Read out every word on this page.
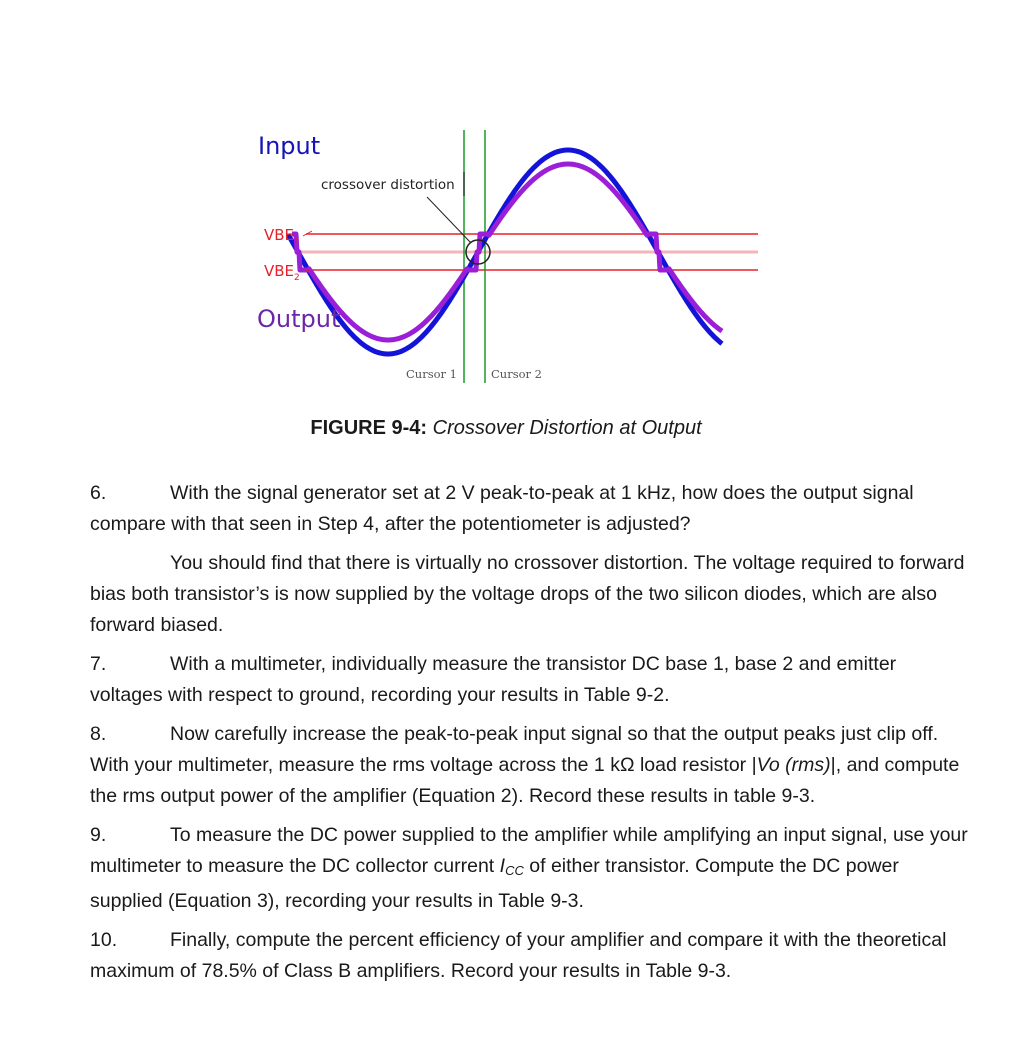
Input
Output
crossover distortion
$VBE_1$
$VBE_2$
Cursor 1	Cursor 2
FIGURE 9-4: Crossover Distortion at Output

6.	With the signal generator set at 2 V peak-to-peak at 1 kHz, how does the output signal compare with that seen in Step 4, after the potentiometer is adjusted?

You should find that there is virtually no crossover distortion. The voltage required to forward bias both transistor’s is now supplied by the voltage drops of the two silicon diodes, which are also forward biased.

7.	With a multimeter, individually measure the transistor DC base 1, base 2 and emitter voltages with respect to ground, recording your results in Table 9-2.

8.	Now carefully increase the peak-to-peak input signal so that the output peaks just clip off. With your multimeter, measure the rms voltage across the 1 kΩ load resistor |Vo (rms)|, and compute the rms output power of the amplifier (Equation 2). Record these results in table 9-3.

9.	To measure the DC power supplied to the amplifier while amplifying an input signal, use your multimeter to measure the DC collector current $I_{CC}$ of either transistor. Compute the DC power supplied (Equation 3), recording your results in Table 9-3.

10.	Finally, compute the percent efficiency of your amplifier and compare it with the theoretical maximum of 78.5% of Class B amplifiers. Record your results in Table 9-3.
